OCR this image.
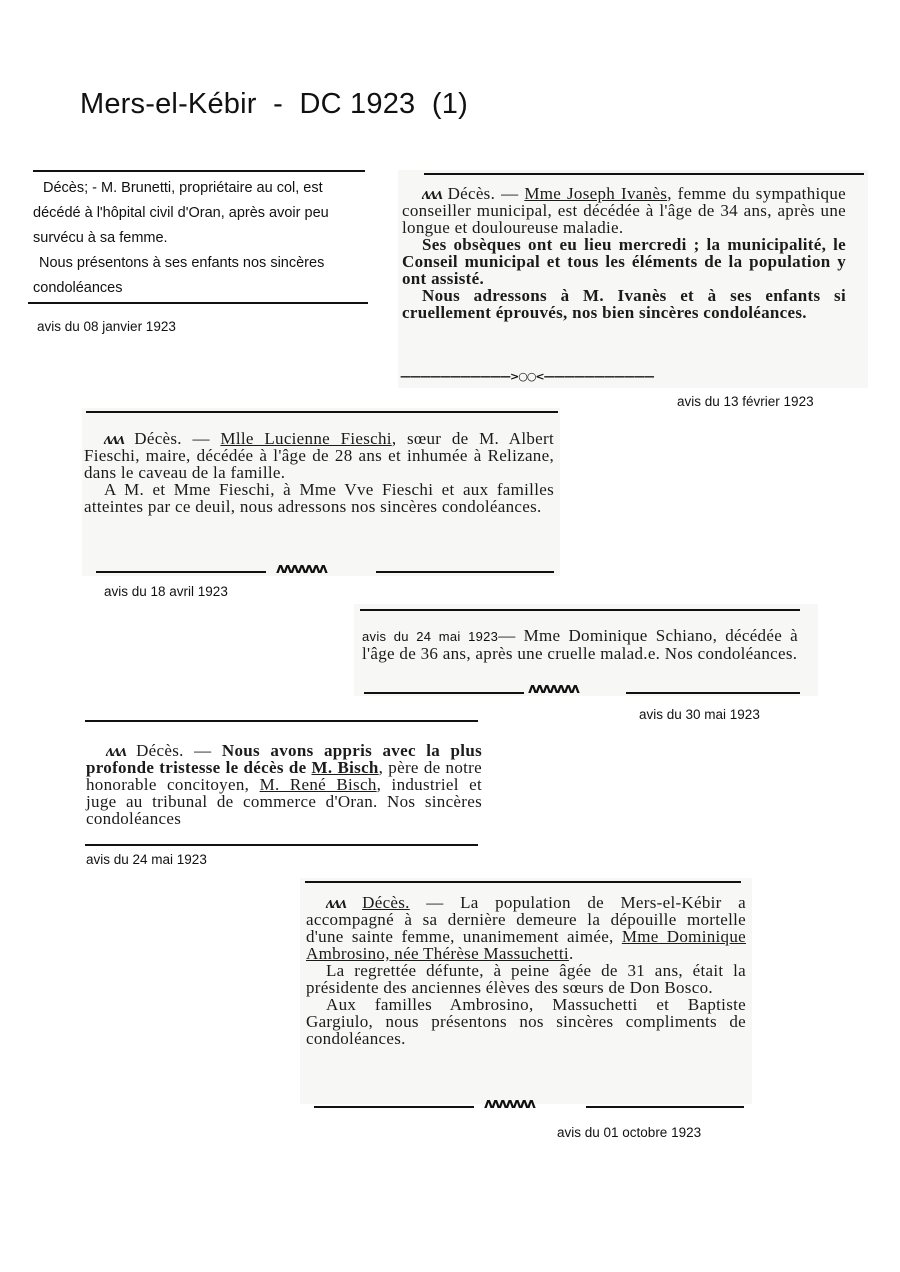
Mers-el-Kébir  -  DC 1923  (1)
Décès; - M. Brunetti, propriétaire au col, est
décédé à l'hôpital civil d'Oran, après avoir peu
survécu à sa femme.
Nous présentons à ses enfants nos sincères
condoléances
avis du 08 janvier 1923

ʌʌʌ Décès. — Mme Joseph Ivanès, femme du sympathique conseiller municipal, est décédée à l'âge de 34 ans, après une longue et douloureuse maladie.

Ses obsèques ont eu lieu mercredi ; la municipalité, le Conseil municipal et tous les éléments de la population y ont assisté.

Nous adressons à M. Ivanès et à ses enfants si cruellement éprouvés, nos bien sincères condoléances.

———————————>○○<———————————
avis du 13 février 1923

ʌʌʌ Décès. — Mlle Lucienne Fieschi, sœur de M. Albert Fieschi, maire, décédée à l'âge de 28 ans et inhumée à Relizane, dans le caveau de la famille.

A M. et Mme Fieschi, à Mme Vve Fieschi et aux familles atteintes par ce deuil, nous adressons nos sincères condoléances.

ʌʌʌʌʌʌʌ
avis du 18 avril 1923

avis du 24 mai 1923— Mme Dominique Schiano, décédée à l'âge de 36 ans, après une cruelle malad.e. Nos condoléances.

ʌʌʌʌʌʌʌ
avis du 30 mai 1923

ʌʌʌ Décès. — Nous avons appris avec la plus profonde tristesse le décès de M. Bisch, père de notre honorable concitoyen, M. René Bisch, industriel et juge au tribunal de commerce d'Oran. Nos sincères condoléances

avis du 24 mai 1923

ʌʌʌ Décès. — La population de Mers-el-Kébir a accompagné à sa dernière demeure la dépouille mortelle d'une sainte femme, unanimement aimée, Mme Dominique Ambrosino, née Thérèse Massuchetti.

La regrettée défunte, à peine âgée de 31 ans, était la présidente des anciennes élèves des sœurs de Don Bosco.

Aux familles Ambrosino, Massuchetti et Baptiste Gargiulo, nous présentons nos sincères compliments de condoléances.

ʌʌʌʌʌʌʌ
avis du 01 octobre 1923
